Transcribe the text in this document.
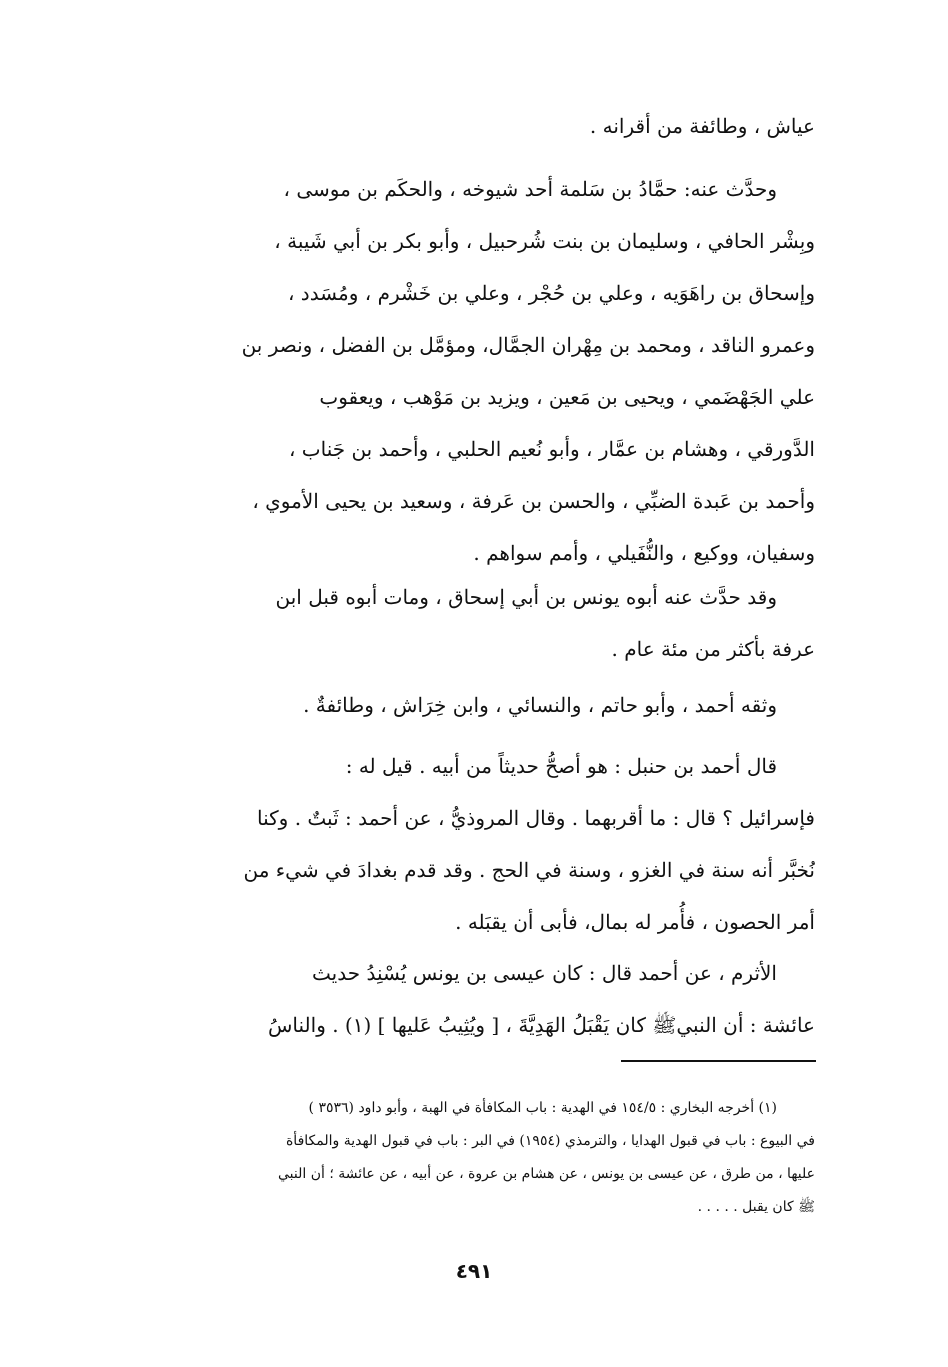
عياش ، وطائفة من أقرانه .
وحدَّث عنه: حمَّادُ بن سَلمة أحد شيوخه ، والحكَم بن موسى ،
وبِشْر الحافي ، وسليمان بن بنت شُرحبيل ، وأبو بكر بن أبي شَيبة ،
وإسحاق بن راهَوَيه ، وعلي بن حُجْر ، وعلي بن خَشْرم ، ومُسَدد ،
وعمرو الناقد ، ومحمد بن مِهْران الجمَّال، ومؤمَّل بن الفضل ، ونصر بن
علي الجَهْضَمي ، ويحيى بن مَعين ، ويزيد بن مَوْهب ، ويعقوب
الدَّورقي ، وهشام بن عمَّار ، وأبو نُعيم الحلبي ، وأحمد بن جَناب ،
وأحمد بن عَبدة الضبِّي ، والحسن بن عَرفة ، وسعيد بن يحيى الأموي ،
وسفيان، ووكيع ، والنُّفَيلي ، وأمم سواهم .
وقد حدَّث عنه أبوه يونس بن أبي إسحاق ، ومات أبوه قبل ابن
عرفة بأكثر من مئة عام .
وثقه أحمد ، وأبو حاتم ، والنسائي ، وابن خِرَاش ، وطائفةٌ .
قال أحمد بن حنبل : هو أصحُّ حديثاً من أبيه . قيل له :
فإسرائيل ؟ قال : ما أقربهما . وقال المروذيُّ ، عن أحمد : ثَبتٌ . وكنا
نُخبَّر أنه سنة في الغزو ، وسنة في الحج . وقد قدم بغدادَ في شيء من
أمر الحصون ، فأُمر له بمال، فأبى أن يقبَله .
الأثرم ، عن أحمد قال : كان عيسى بن يونس يُسْنِدُ حديث
عائشة : أن النبيﷺ كان يَقْبَلُ الهَدِيَّةَ ، [ ويُثِيبُ عَليها ] (١) . والناسُ
(١) أخرجه البخاري : ١٥٤/٥ في الهدية : باب المكافأة في الهبة ، وأبو داود (٣٥٣٦ )
في البيوع : باب في قبول الهدايا ، والترمذي (١٩٥٤) في البر : باب في قبول الهدية والمكافأة
عليها ، من طرق ، عن عيسى بن يونس ، عن هشام بن عروة ، عن أبيه ، عن عائشة ؛ أن النبي
ﷺ كان يقبل . . . . .
٤٩١
